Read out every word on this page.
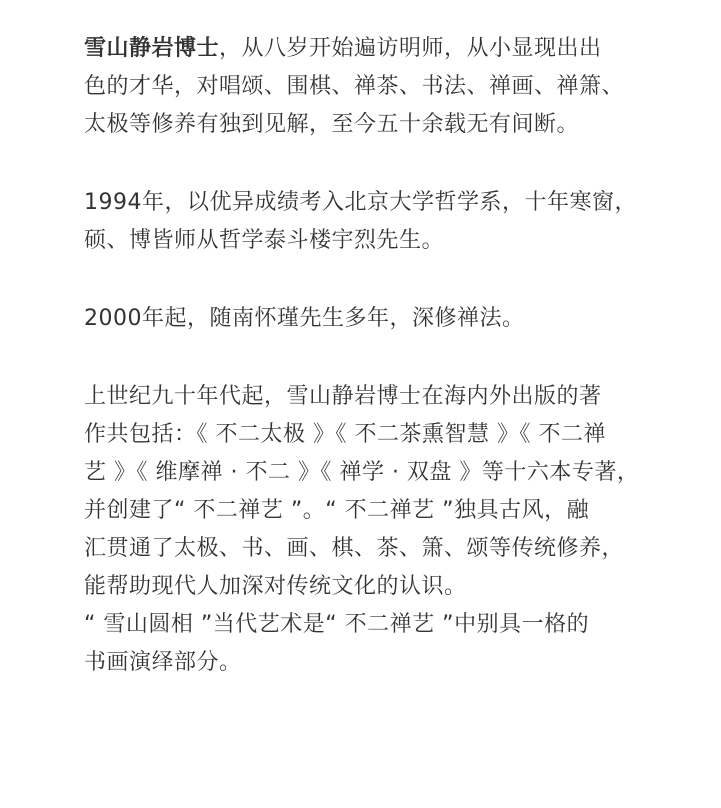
雪山静岩博士，从八岁开始遍访明师，从小显现出出
色的才华，对唱颂、围棋、禅茶、书法、禅画、禅箫、
太极等修养有独到见解，至今五十余载无有间断。

1994年，以优异成绩考入北京大学哲学系，十年寒窗，
硕、博皆师从哲学泰斗楼宇烈先生。

2000年起，随南怀瑾先生多年，深修禅法。

上世纪九十年代起，雪山静岩博士在海内外出版的著
作共包括：《 不二太极 》《 不二茶熏智慧 》《 不二禅
艺 》《 维摩禅 · 不二 》《 禅学 · 双盘 》等十六本专著，
并创建了“ 不二禅艺 ”。“ 不二禅艺 ”独具古风，融
汇贯通了太极、书、画、棋、茶、箫、颂等传统修养，
能帮助现代人加深对传统文化的认识。
“ 雪山圆相 ”当代艺术是“ 不二禅艺 ”中别具一格的
书画演绎部分。
